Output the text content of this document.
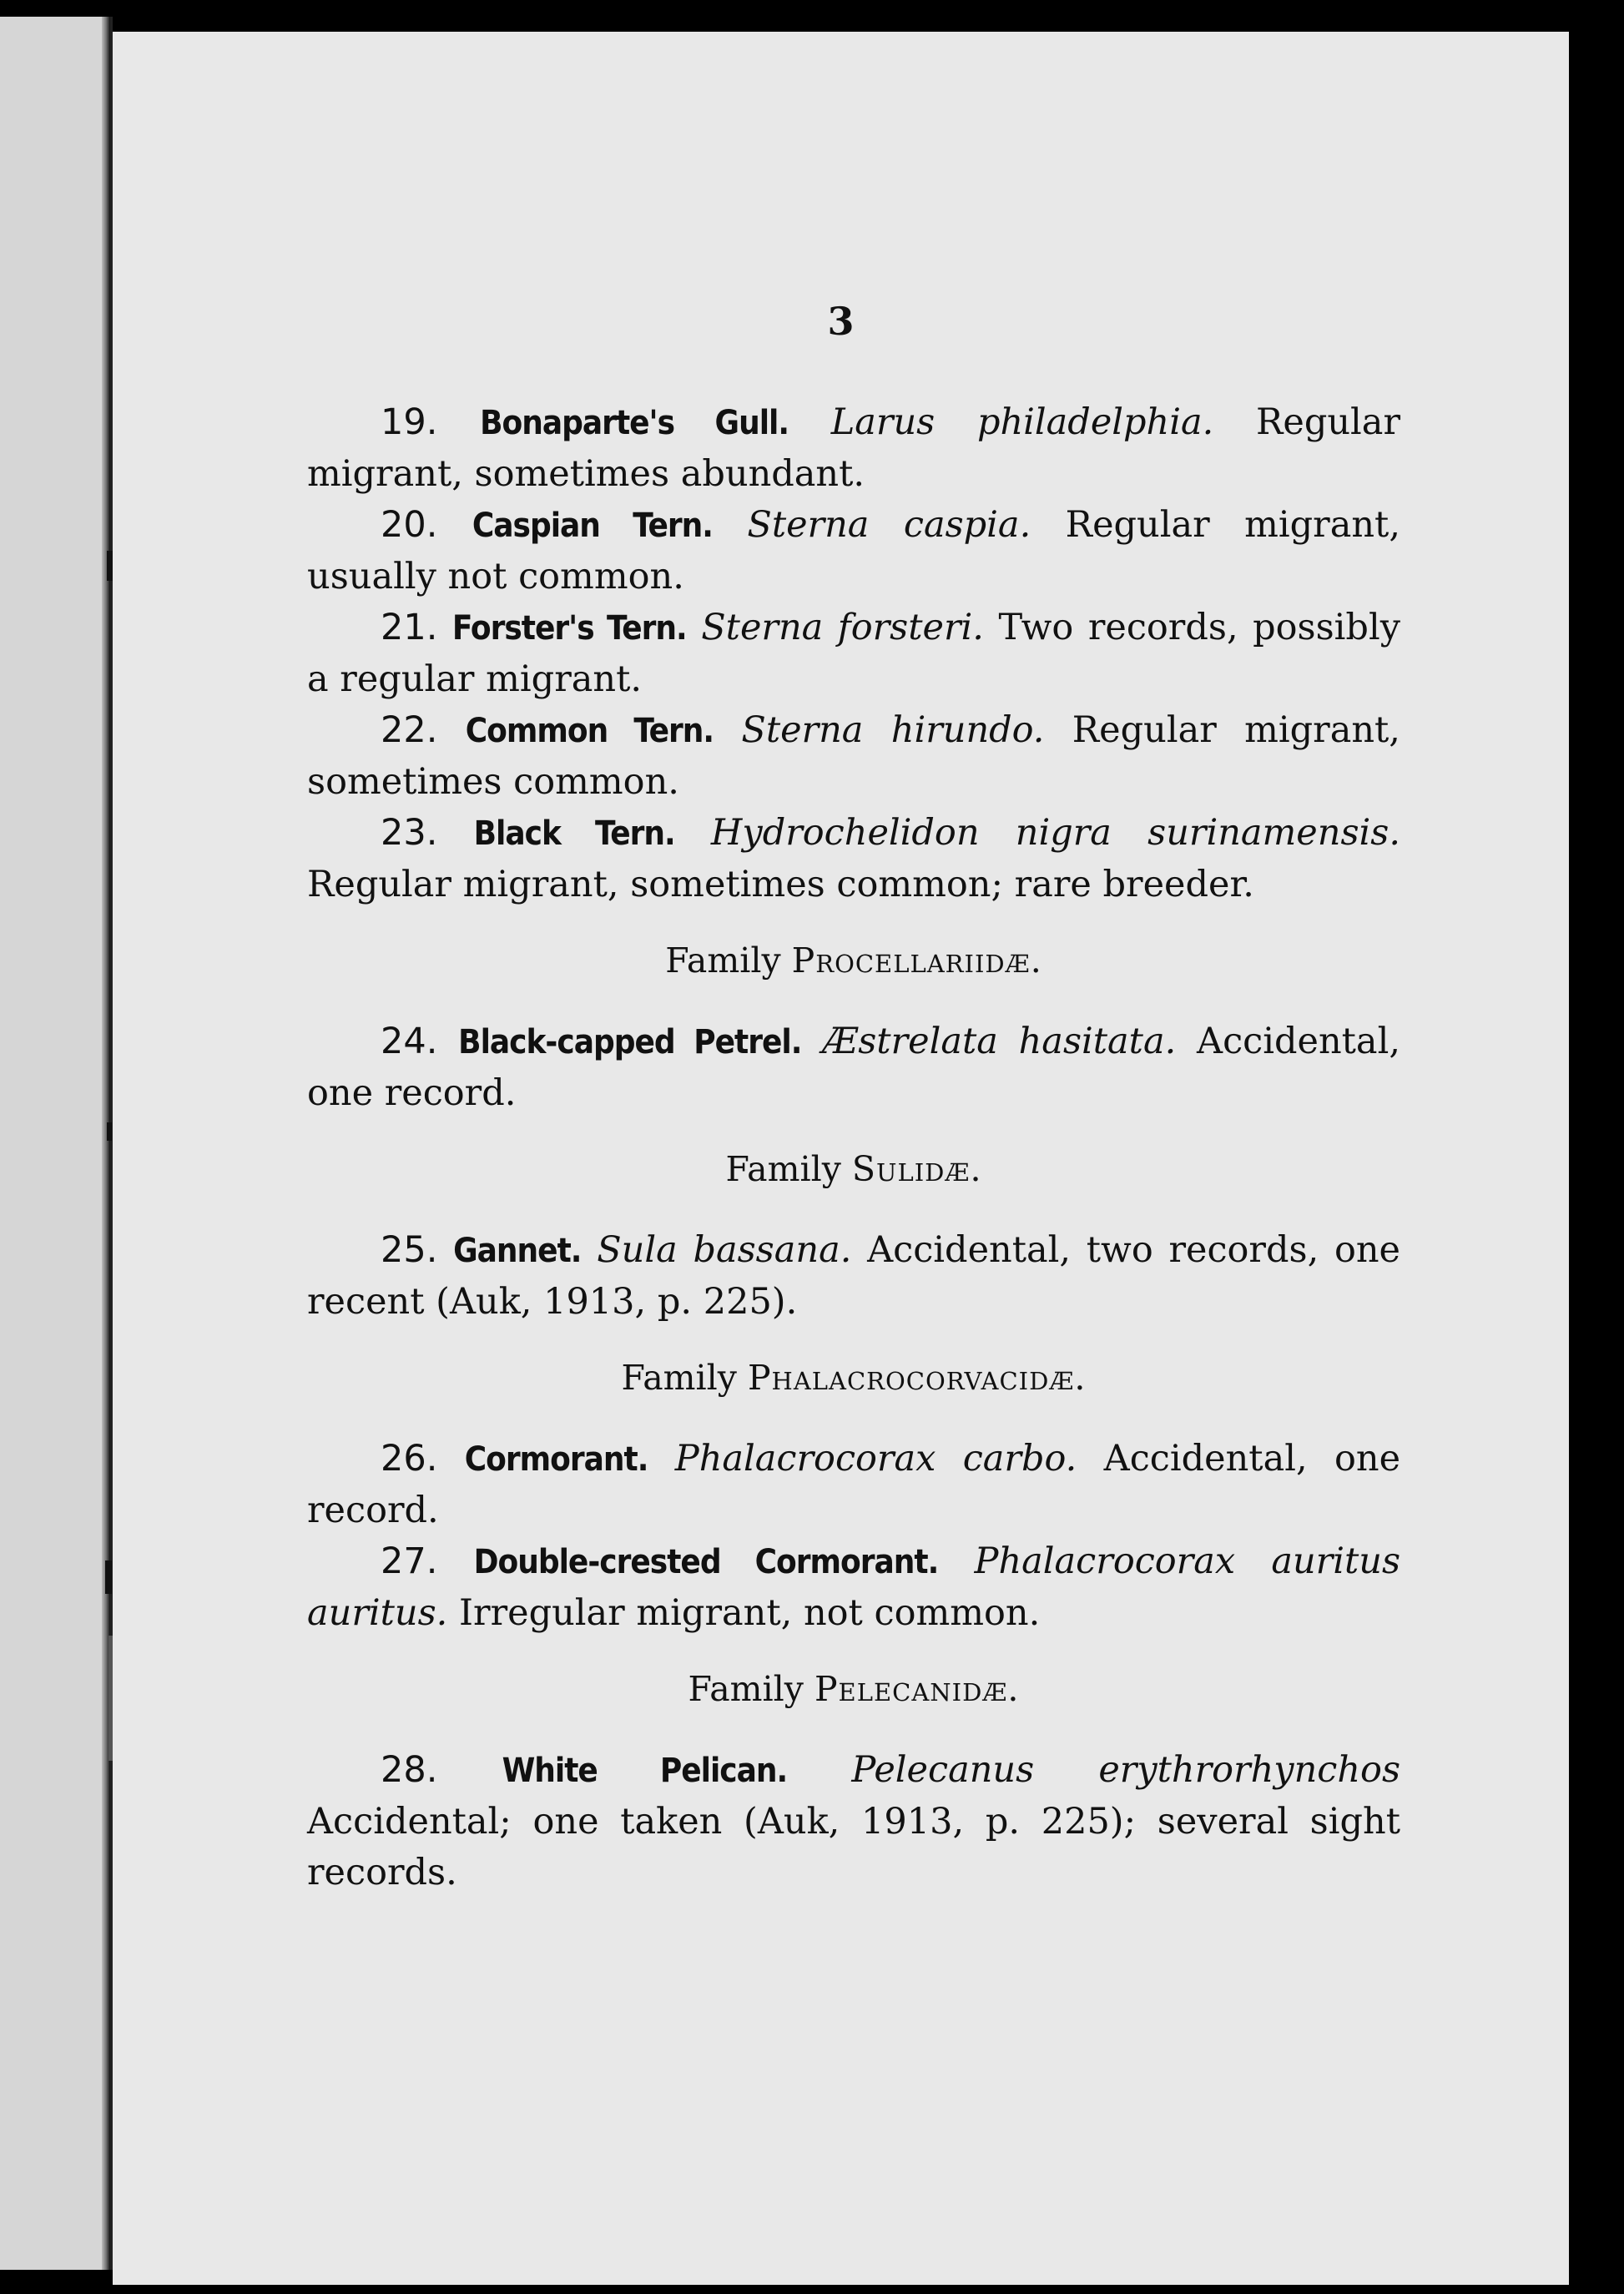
3

19. Bonaparte's Gull. Larus philadelphia. Regular migrant, sometimes abundant.

20. Caspian Tern. Sterna caspia. Regular migrant, usually not common.

21. Forster's Tern. Sterna forsteri. Two records, possibly a regular migrant.

22. Common Tern. Sterna hirundo. Regular migrant, sometimes common.

23. Black Tern. Hydrochelidon nigra surinamensis. Regular migrant, sometimes common; rare breeder.

Family Procellariidæ.

24. Black-capped Petrel. Æstrelata hasitata. Accidental, one record.

Family Sulidæ.

25. Gannet. Sula bassana. Accidental, two records, one recent (Auk, 1913, p. 225).

Family Phalacrocorvacidæ.

26. Cormorant. Phalacrocorax carbo. Accidental, one record.

27. Double-crested Cormorant. Phalacrocorax auritus auritus. Irregular migrant, not common.

Family Pelecanidæ.

28. White Pelican. Pelecanus erythrorhynchos Accidental; one taken (Auk, 1913, p. 225); several sight records.
